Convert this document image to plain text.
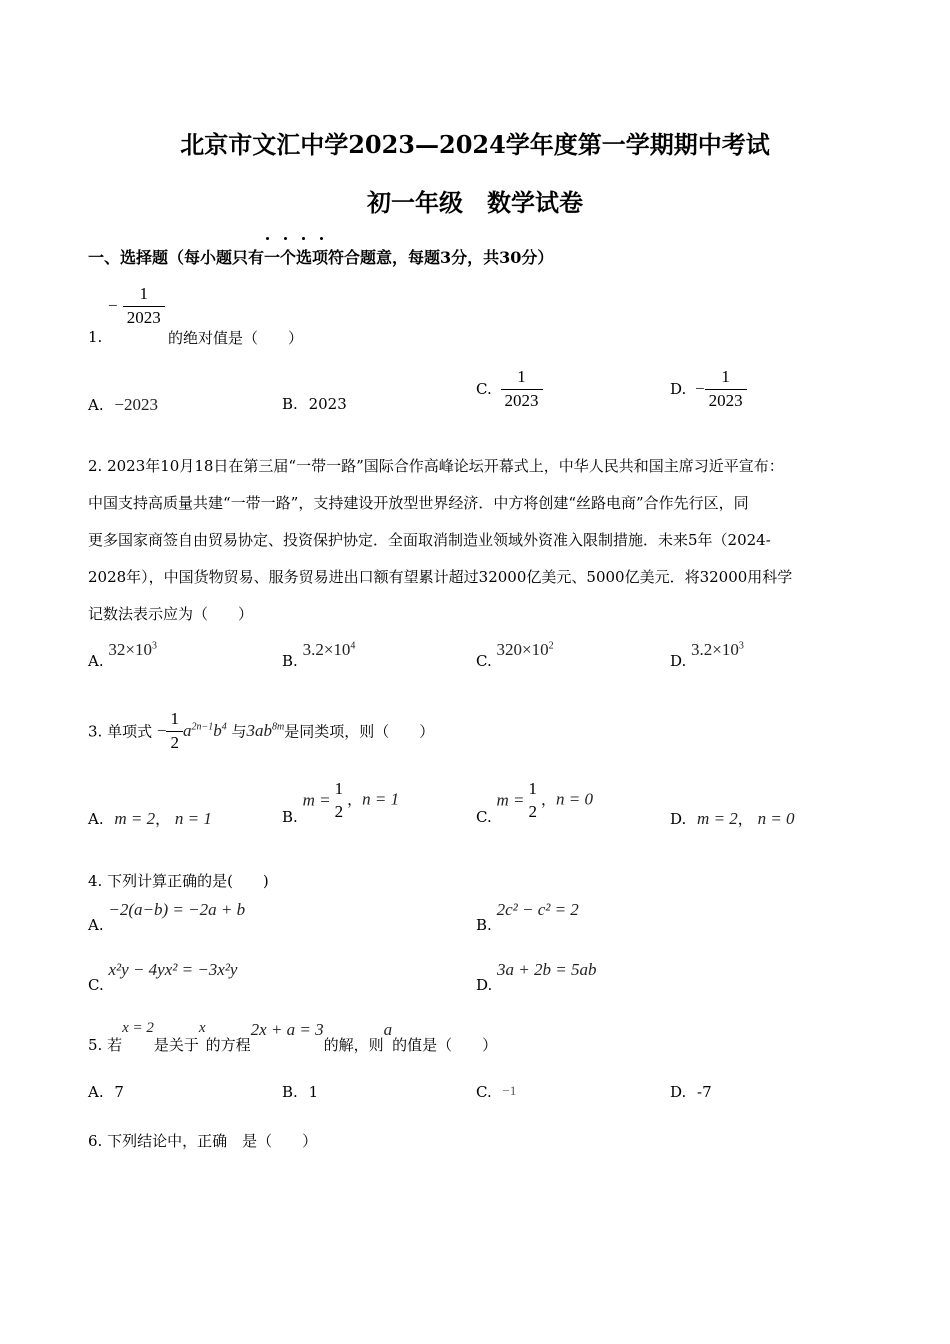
北京市文汇中学2023—2024学年度第一学期期中考试
初一年级　数学试卷
一、选择题（每小题只有一个选项符合题意，每题3分，共30分）
− $\frac{1}{2023}$
1.	的绝对值是（　　）
A. −2023	B. 2023
C. $\frac{1}{2023}$	D. − $\frac{1}{2023}$
2. 2023年10月18日在第三届“一带一路”国际合作高峰论坛开幕式上，中华人民共和国主席习近平宣布：
中国支持高质量共建“一带一路”，支持建设开放型世界经济．中方将创建“丝路电商”合作先行区，同
更多国家商签自由贸易协定、投资保护协定．全面取消制造业领域外资准入限制措施．未来5年（2024-
2028年），中国货物贸易、服务贸易进出口额有望累计超过32000亿美元、5000亿美元．将32000用科学
记数法表示应为（　　）
A. $32\times 10^3$
B. $3.2\times 10^4$
C. $320\times 10^2$
D. $3.2\times 10^3$
3. 单项式 − $\frac{1}{2} a^{2n-1}b^4$ 与$3ab^{8m}$是同类项，则（　　）
A. m = 2， n = 1	B. m =
1
2
，n = 1
C. m =
1
2
，n = 0
D. m = 2， n = 0
4. 下列计算正确的是(　　)
A. −2(a−b) = −2a + b
B. 2c² − c² = 2
C. x²y − 4yx² = −3x²y
D. 3a + 2b = 5ab
5. 若x = 2是关于x的方程2x + a = 3的解，则a的值是（　　）
A. 7	B. 1	C. −1	D. -7
6. 下列结论中，正确　是（　　）
